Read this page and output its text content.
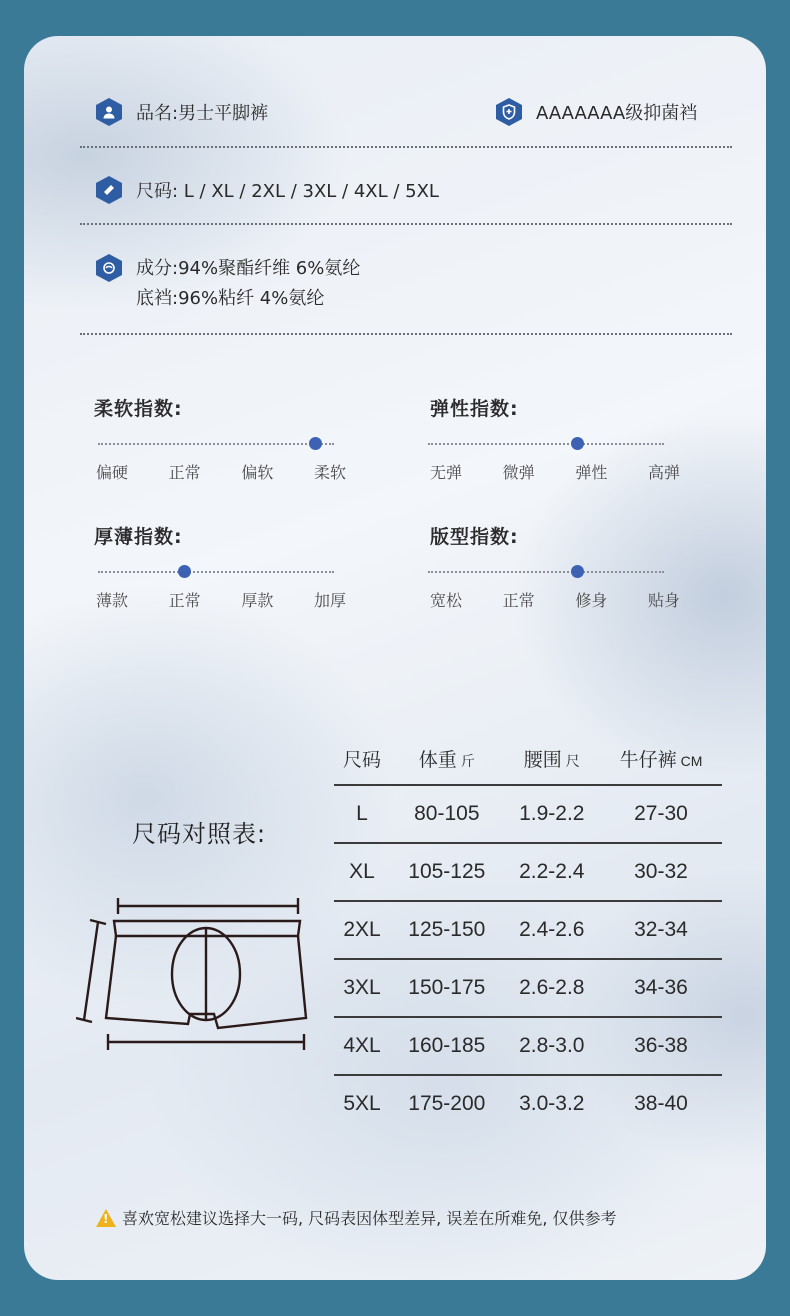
品名:男士平脚裤	AAAAAAA级抑菌裆
尺码: L / XL / 2XL / 3XL / 4XL / 5XL
成分:94%聚酯纤维 6%氨纶
底裆:96%粘纤 4%氨纶
柔软指数:
偏硬	正常	偏软	柔软
弹性指数:
无弹	微弹	弹性	高弹
厚薄指数:
薄款	正常	厚款	加厚
版型指数:
宽松	正常	修身	贴身
尺码对照表:
尺码	体重 斤	腰围 尺	牛仔裤 CM
L	80-105	1.9-2.2	27-30
XL	105-125	2.2-2.4	30-32
2XL	125-150	2.4-2.6	32-34
3XL	150-175	2.6-2.8	34-36
4XL	160-185	2.8-3.0	36-38
5XL	175-200	3.0-3.2	38-40
! 喜欢宽松建议选择大一码, 尺码表因体型差异, 误差在所难免, 仅供参考
